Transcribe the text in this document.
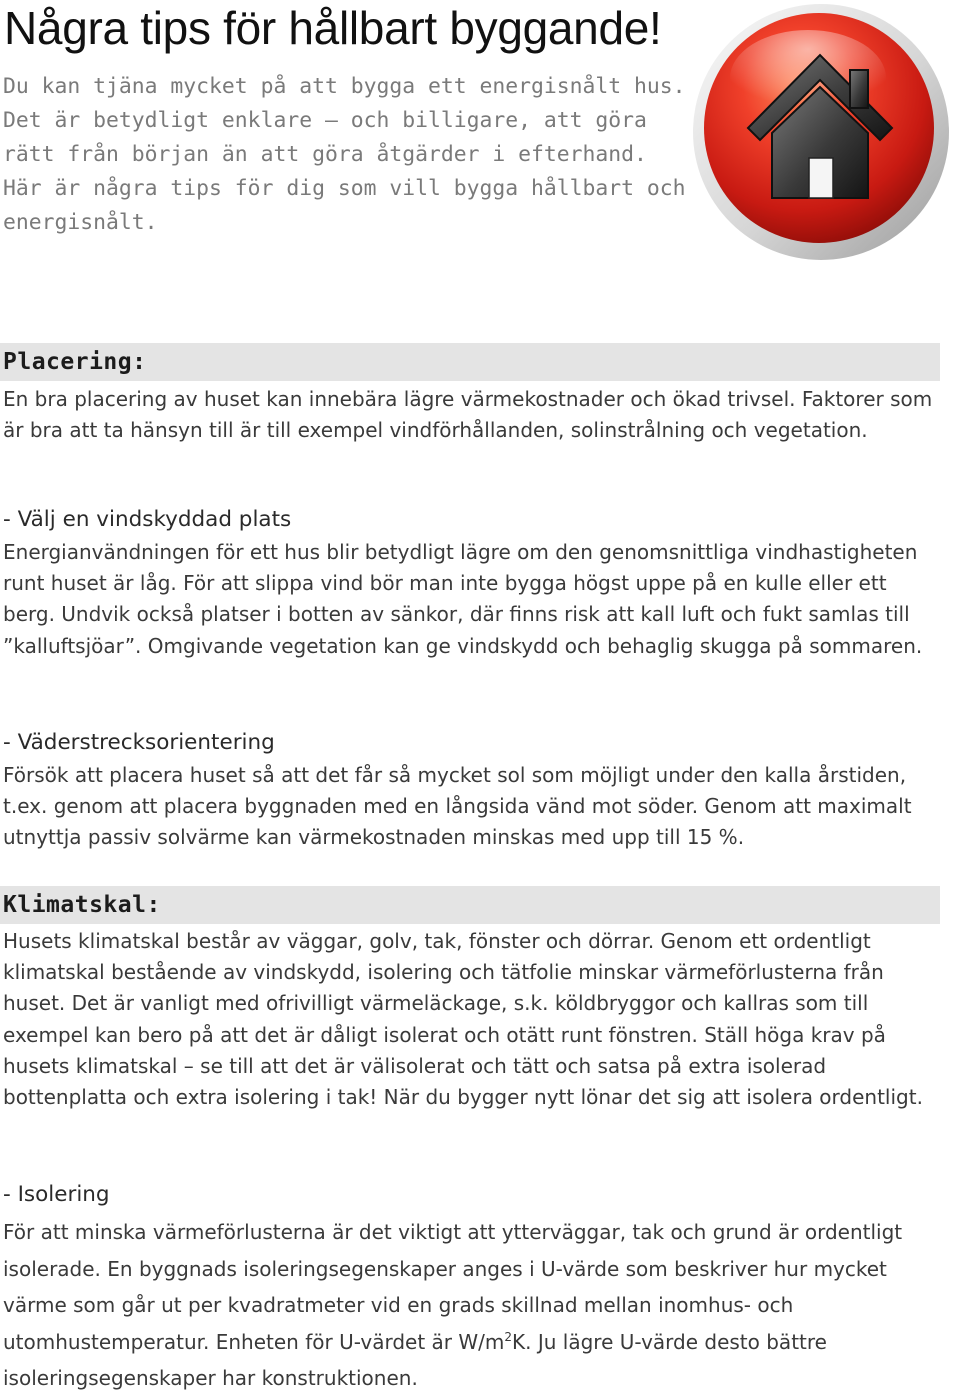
Några tips för hållbart byggande!

Du kan tjäna mycket på att bygga ett energisnålt hus. Det är betydligt enklare – och billigare, att göra rätt från början än att göra åtgärder i efterhand. Här är några tips för dig som vill bygga hållbart och energisnålt.

Placering:

En bra placering av huset kan innebära lägre värmekostnader och ökad trivsel. Faktorer som är bra att ta hänsyn till är till exempel vindförhållanden, solinstrålning och vegetation.

- Välj en vindskyddad plats

Energianvändningen för ett hus blir betydligt lägre om den genomsnittliga vindhastigheten runt huset är låg. För att slippa vind bör man inte bygga högst uppe på en kulle eller ett berg. Undvik också platser i botten av sänkor, där finns risk att kall luft och fukt samlas till ”kalluftsjöar”. Omgivande vegetation kan ge vindskydd och behaglig skugga på sommaren.

- Väderstrecksorientering

Försök att placera huset så att det får så mycket sol som möjligt under den kalla årstiden, t.ex. genom att placera byggnaden med en långsida vänd mot söder. Genom att maximalt utnyttja passiv solvärme kan värmekostnaden minskas med upp till 15 %.

Klimatskal:

Husets klimatskal består av väggar, golv, tak, fönster och dörrar. Genom ett ordentligt klimatskal bestående av vindskydd, isolering och tätfolie minskar värmeförlusterna från huset. Det är vanligt med ofrivilligt värmeläckage, s.k. köldbryggor och kallras som till exempel kan bero på att det är dåligt isolerat och otätt runt fönstren. Ställ höga krav på husets klimatskal – se till att det är välisolerat och tätt och satsa på extra isolerad bottenplatta och extra isolering i tak! När du bygger nytt lönar det sig att isolera ordentligt.

- Isolering

För att minska värmeförlusterna är det viktigt att ytterväggar, tak och grund är ordentligt isolerade. En byggnads isoleringsegenskaper anges i U-värde som beskriver hur mycket värme som går ut per kvadratmeter vid en grads skillnad mellan inomhus- och utomhustemperatur. Enheten för U-värdet är $W/m^2K$. Ju lägre U-värde desto bättre isoleringsegenskaper har konstruktionen.
